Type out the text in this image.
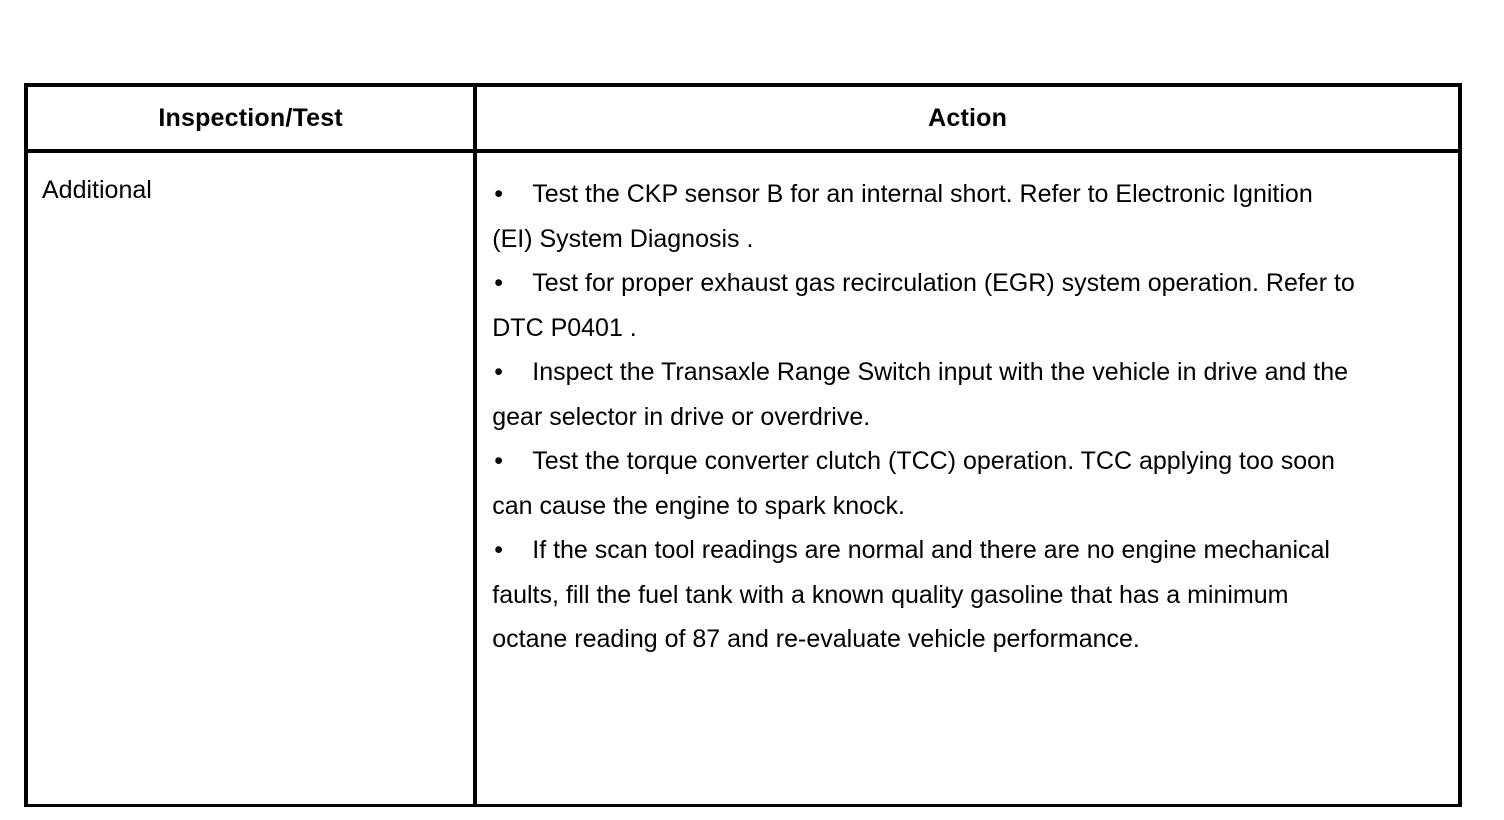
Inspection/Test	Action
Additional	• Test the CKP sensor B for an internal short. Refer to Electronic Ignition (EI) System Diagnosis .

• Test for proper exhaust gas recirculation (EGR) system operation. Refer to DTC P0401 .

• Inspect the Transaxle Range Switch input with the vehicle in drive and the gear selector in drive or overdrive.

• Test the torque converter clutch (TCC) operation. TCC applying too soon can cause the engine to spark knock.

• If the scan tool readings are normal and there are no engine mechanical faults, fill the fuel tank with a known quality gasoline that has a minimum octane reading of 87 and re-evaluate vehicle performance.
